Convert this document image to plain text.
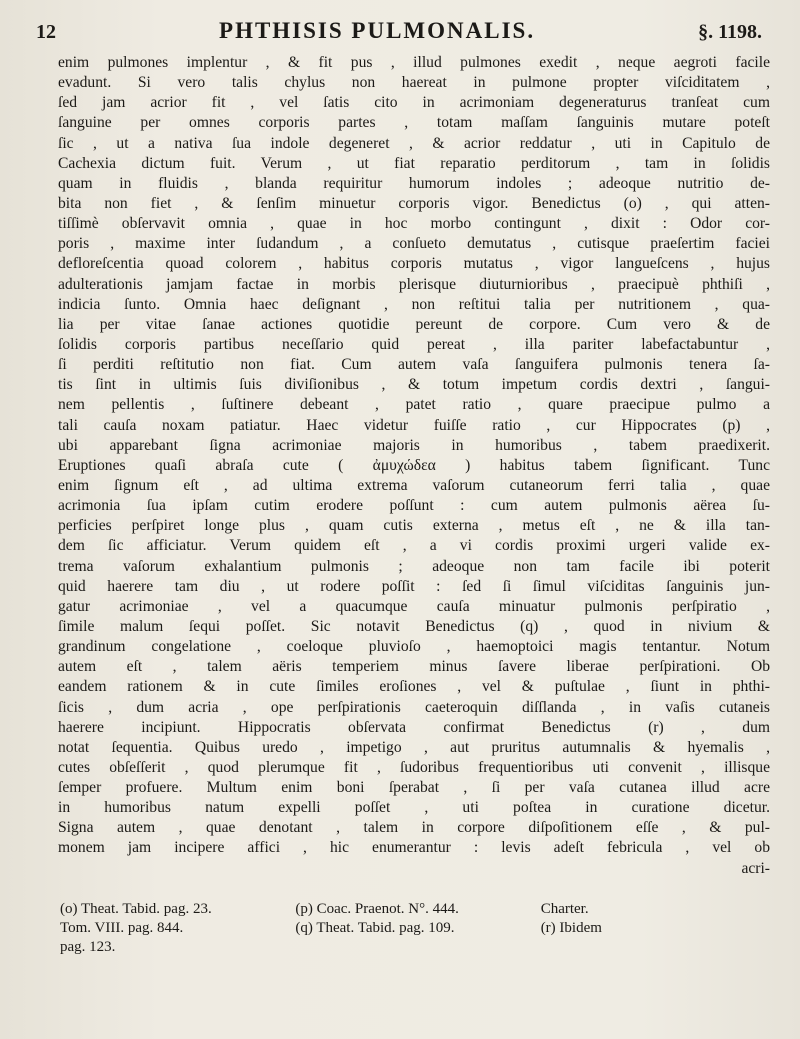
12	PHTHISIS PULMONALIS.	§. 1198.
enim pulmones implentur , & fit pus , illud pulmones exedit , neque aegroti facile
evadunt. Si vero talis chylus non haereat in pulmone propter viſciditatem ,
ſed jam acrior fit , vel ſatis cito in acrimoniam degeneraturus tranſeat cum
ſanguine per omnes corporis partes , totam maſſam ſanguinis mutare poteſt
ſic , ut a nativa ſua indole degeneret , & acrior reddatur , uti in Capitulo de
Cachexia dictum fuit. Verum , ut fiat reparatio perditorum , tam in ſolidis
quam in fluidis , blanda requiritur humorum indoles ; adeoque nutritio de-
bita non fiet , & ſenſim minuetur corporis vigor. Benedictus (o) , qui atten-
tiſſimè obſervavit omnia , quae in hoc morbo contingunt , dixit : Odor cor-
poris , maxime inter ſudandum , a conſueto demutatus , cutisque praeſertim faciei
defloreſcentia quoad colorem , habitus corporis mutatus , vigor langueſcens , hujus
adulterationis jamjam factae in morbis plerisque diuturnioribus , praecipuè phthiſi ,
indicia ſunto. Omnia haec deſignant , non reſtitui talia per nutritionem , qua-
lia per vitae ſanae actiones quotidie pereunt de corpore. Cum vero & de
ſolidis corporis partibus neceſſario quid pereat , illa pariter labefactabuntur ,
ſi perditi reſtitutio non fiat. Cum autem vaſa ſanguifera pulmonis tenera ſa-
tis ſint in ultimis ſuis diviſionibus , & totum impetum cordis dextri , ſangui-
nem pellentis , ſuſtinere debeant , patet ratio , quare praecipue pulmo a
tali cauſa noxam patiatur. Haec videtur fuiſſe ratio , cur Hippocrates (p) ,
ubi apparebant ſigna acrimoniae majoris in humoribus , tabem praedixerit.
Eruptiones quaſi abraſa cute ( ἀμυχώδεα ) habitus tabem ſignificant. Tunc
enim ſignum eſt , ad ultima extrema vaſorum cutaneorum ferri talia , quae
acrimonia ſua ipſam cutim erodere poſſunt : cum autem pulmonis aërea ſu-
perficies perſpiret longe plus , quam cutis externa , metus eſt , ne & illa tan-
dem ſic afficiatur. Verum quidem eſt , a vi cordis proximi urgeri valide ex-
trema vaſorum exhalantium pulmonis ; adeoque non tam facile ibi poterit
quid haerere tam diu , ut rodere poſſit : ſed ſi ſimul viſciditas ſanguinis jun-
gatur acrimoniae , vel a quacumque cauſa minuatur pulmonis perſpiratio ,
ſimile malum ſequi poſſet. Sic notavit Benedictus (q) , quod in nivium &
grandinum congelatione , coeloque pluvioſo , haemoptoici magis tentantur. Notum
autem eſt , talem aëris temperiem minus ſavere liberae perſpirationi. Ob
eandem rationem & in cute ſimiles eroſiones , vel & puſtulae , ſiunt in phthi-
ſicis , dum acria , ope perſpirationis caeteroquin diſſlanda , in vaſis cutaneis
haerere incipiunt. Hippocratis obſervata confirmat Benedictus (r) , dum
notat ſequentia. Quibus uredo , impetigo , aut pruritus autumnalis & hyemalis ,
cutes obſeſſerit , quod plerumque fit , ſudoribus frequentioribus uti convenit , illisque
ſemper profuere. Multum enim boni ſperabat , ſi per vaſa cutanea illud acre
in humoribus natum expelli poſſet , uti poſtea in curatione dicetur.
Signa autem , quae denotant , talem in corpore diſpoſitionem eſſe , & pul-
monem jam incipere affici , hic enumerantur : levis adeſt febricula , vel ob
acri-
(o) Theat. Tabid. pag. 23.
Tom. VIII. pag. 844.
pag. 123.
(p) Coac. Praenot. N°. 444.
(q) Theat. Tabid. pag. 109.
Charter.
(r) Ibidem
